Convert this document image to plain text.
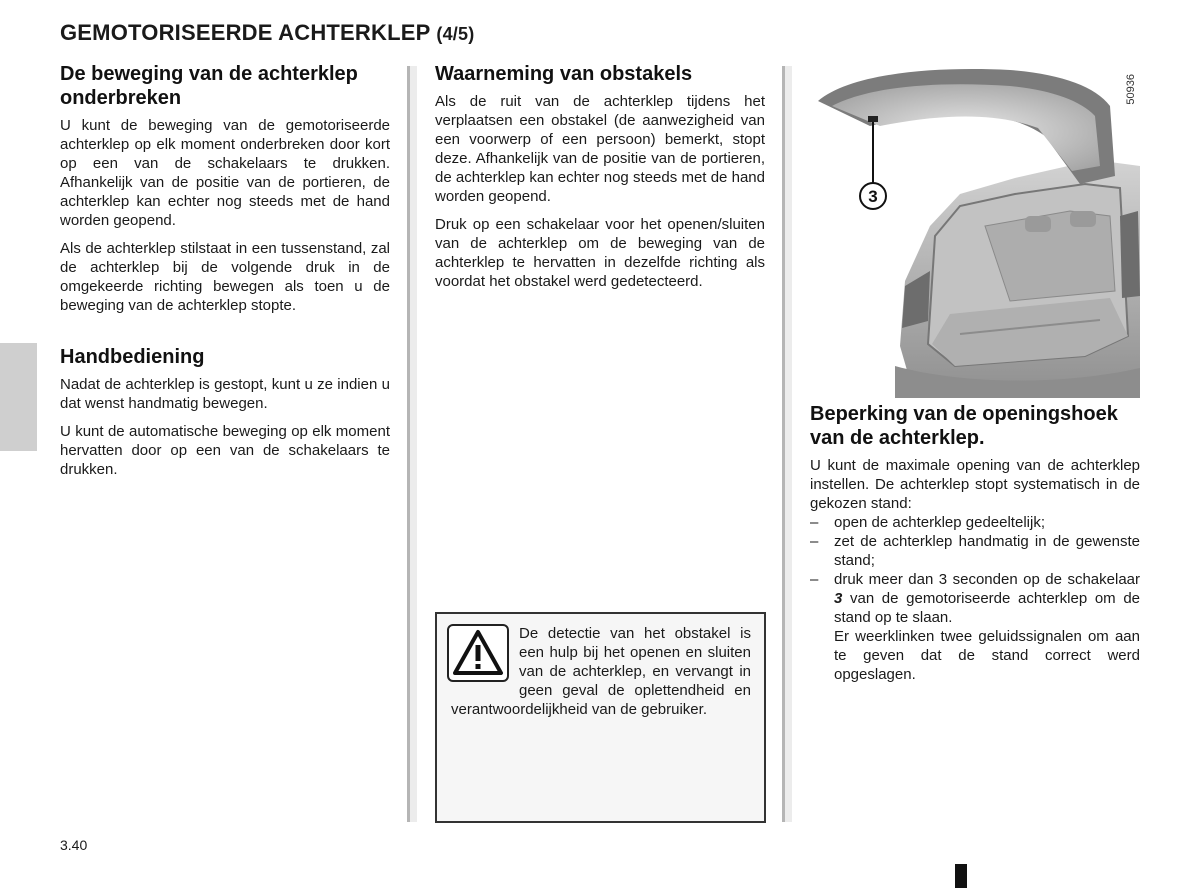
GEMOTORISEERDE ACHTERKLEP (4/5)
De beweging van de achterklep onderbreken

U kunt de beweging van de gemotoriseerde achterklep op elk moment onderbreken door kort op een van de schakelaars te drukken. Afhankelijk van de positie van de portieren, de achterklep kan echter nog steeds met de hand worden geopend.

Als de achterklep stilstaat in een tussenstand, zal de achterklep bij de volgende druk in de omgekeerde richting bewegen als toen u de beweging van de achterklep stopte.

Handbediening

Nadat de achterklep is gestopt, kunt u ze indien u dat wenst handmatig bewegen.

U kunt de automatische beweging op elk moment hervatten door op een van de schakelaars te drukken.

Waarneming van obstakels

Als de ruit van de achterklep tijdens het verplaatsen een obstakel (de aanwezigheid van een voorwerp of een persoon) bemerkt, stopt deze. Afhankelijk van de positie van de portieren, de achterklep kan echter nog steeds met de hand worden geopend.

Druk op een schakelaar voor het openen/sluiten van de achterklep om de beweging van de achterklep te hervatten in dezelfde richting als voordat het obstakel werd gedetecteerd.

De detectie van het obstakel is een hulp bij het openen en sluiten van de achterklep, en vervangt in geen geval de oplettendheid en verantwoordelijkheid van de gebruiker.
3
50936
Beperking van de openingshoek van de achterklep.

U kunt de maximale opening van de achterklep instellen. De achterklep stopt systematisch in de gekozen stand:

– open de achterklep gedeeltelijk;
– zet de achterklep handmatig in de gewenste stand;
– druk meer dan 3 seconden op de schakelaar 3 van de gemotoriseerde achterklep om de stand op te slaan.
Er weerklinken twee geluidssignalen om aan te geven dat de stand correct werd opgeslagen.
3.40
